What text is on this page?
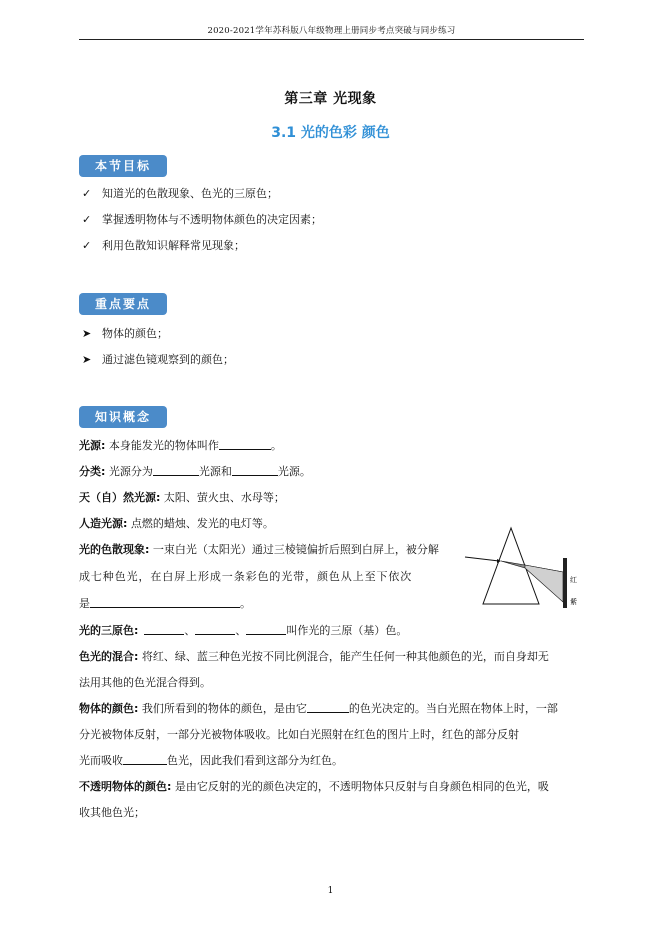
2020-2021学年苏科版八年级物理上册同步考点突破与同步练习
第三章 光现象
3.1 光的色彩 颜色
本节目标
✓ 知道光的色散现象、色光的三原色；
✓ 掌握透明物体与不透明物体颜色的决定因素；
✓ 利用色散知识解释常见现象；
重点要点
➤ 物体的颜色；
➤ 通过滤色镜观察到的颜色；
知识概念
光源: 本身能发光的物体叫作	。
分类: 光源分为	光源和	光源。
天（自）然光源: 太阳、萤火虫、水母等；
人造光源: 点燃的蜡烛、发光的电灯等。
光的色散现象: 一束白光（太阳光）通过三棱镜偏折后照到白屏上，被分解
成七种色光，在白屏上形成一条彩色的光带，颜色从上至下依次
是	。
红
紫
光的三原色:	、	、	叫作光的三原（基）色。
色光的混合: 将红、绿、蓝三种色光按不同比例混合，能产生任何一种其他颜色的光，而自身却无
法用其他的色光混合得到。
物体的颜色: 我们所看到的物体的颜色，是由它	的色光决定的。当白光照在物体上时，一部
分光被物体反射，一部分光被物体吸收。比如白光照射在红色的图片上时，红色的部分反射
光而吸收	色光，因此我们看到这部分为红色。
不透明物体的颜色: 是由它反射的光的颜色决定的，不透明物体只反射与自身颜色相同的色光，吸
收其他色光；
1
